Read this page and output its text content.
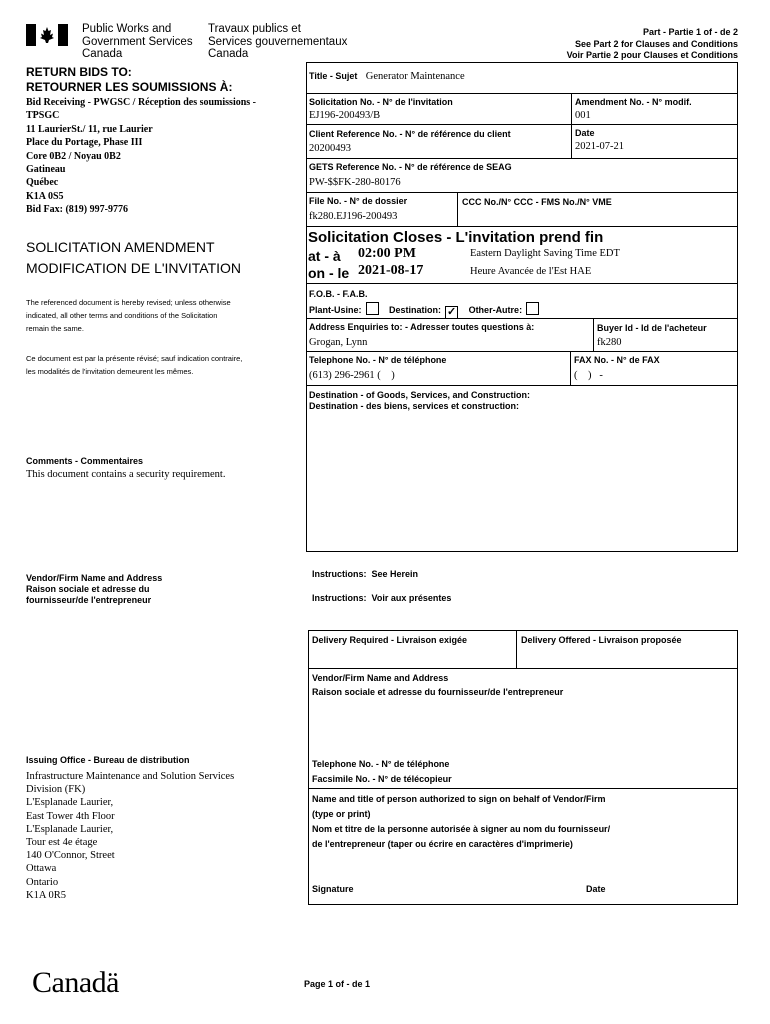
Public Works and
Government Services
Canada
Travaux publics et
Services gouvernementaux
Canada
Part - Partie 1 of - de 2
See Part 2 for Clauses and Conditions
Voir Partie 2 pour Clauses et Conditions
RETURN BIDS TO:
RETOURNER LES SOUMISSIONS À:
Bid Receiving - PWGSC / Réception des soumissions -
TPSGC
11 LaurierSt./ 11, rue Laurier
Place du Portage, Phase III
Core 0B2 / Noyau 0B2
Gatineau
Québec
K1A 0S5
Bid Fax: (819) 997-9776
SOLICITATION AMENDMENT
MODIFICATION DE L'INVITATION
The referenced document is hereby revised; unless otherwise
indicated, all other terms and conditions of the Solicitation
remain the same.
Ce document est par la présente révisé; sauf indication contraire,
les modalités de l'invitation demeurent les mêmes.
Comments - Commentaires
This document contains a security requirement.
Vendor/Firm Name and Address
Raison sociale et adresse du
fournisseur/de l'entrepreneur
Issuing Office - Bureau de distribution
Infrastructure Maintenance and Solution Services
Division (FK)
L'Esplanade Laurier,
East Tower 4th Floor
L'Esplanade Laurier,
Tour est 4e étage
140 O'Connor, Street
Ottawa
Ontario
K1A 0R5
Title - Sujet Generator Maintenance
Solicitation No. - N° de l'invitation
EJ196-200493/B
Amendment No. - N° modif.
001
Client Reference No. - N° de référence du client
20200493
Date
2021-07-21
GETS Reference No. - N° de référence de SEAG
PW-$$FK-280-80176
File No. - N° de dossier
fk280.EJ196-200493
CCC No./N° CCC - FMS No./N° VME
Solicitation Closes - L'invitation prend fin
at - à 02:00 PM	Eastern Daylight Saving Time EDT
on - le 2021-08-17	Heure Avancée de l'Est HAE
F.O.B. - F.A.B.
Plant-Usine:	Destination: ✓ Other-Autre:
Address Enquiries to: - Adresser toutes questions à:
Grogan, Lynn
Buyer Id - Id de l'acheteur
fk280
Telephone No. - N° de téléphone
(613) 296-2961 (    )
FAX No. - N° de FAX
(    )   -
Destination - of Goods, Services, and Construction:
Destination - des biens, services et construction:
Instructions:  See Herein
Instructions:  Voir aux présentes
Delivery Required - Livraison exigée	Delivery Offered - Livraison proposée
Vendor/Firm Name and Address
Raison sociale et adresse du fournisseur/de l'entrepreneur
Telephone No. - N° de téléphone
Facsimile No. - N° de télécopieur
Name and title of person authorized to sign on behalf of Vendor/Firm
(type or print)
Nom et titre de la personne autorisée à signer au nom du fournisseur/
de l'entrepreneur (taper ou écrire en caractères d'imprimerie)
Signature	Date
Canadä	Page 1 of - de 1
